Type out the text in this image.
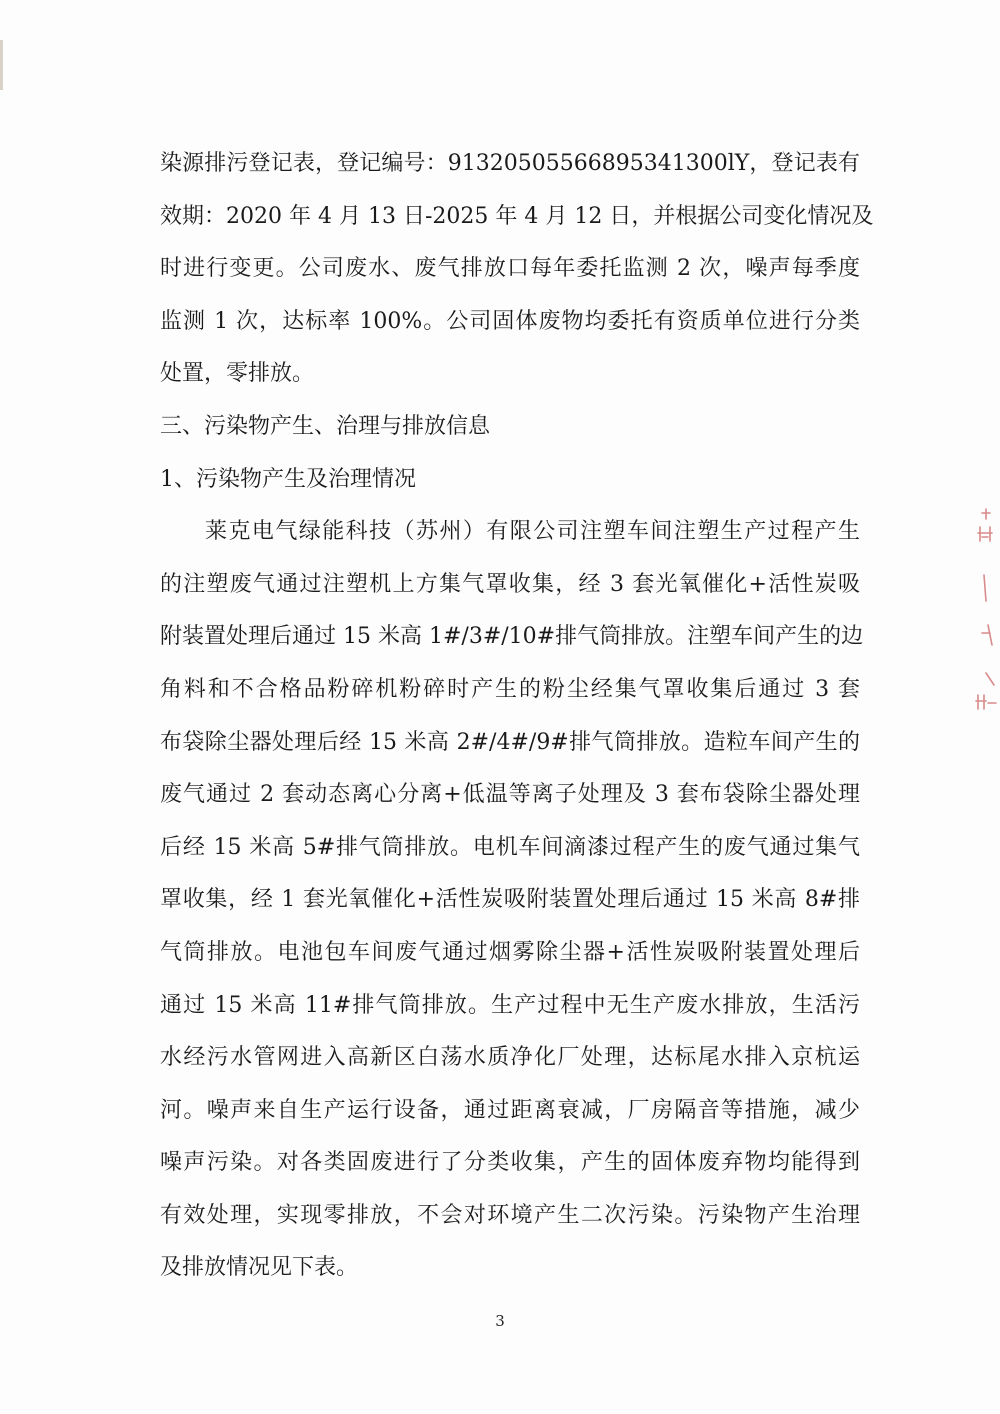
染源排污登记表，登记编号：91320505566895341300lY，登记表有
效期：2020 年 4 月 13 日-2025 年 4 月 12 日，并根据公司变化情况及
时进行变更。公司废水、废气排放口每年委托监测 2 次，噪声每季度
监测 1 次，达标率 100%。公司固体废物均委托有资质单位进行分类
处置，零排放。
三、污染物产生、治理与排放信息
1、污染物产生及治理情况
莱克电气绿能科技（苏州）有限公司注塑车间注塑生产过程产生
的注塑废气通过注塑机上方集气罩收集，经 3 套光氧催化+活性炭吸
附装置处理后通过 15 米高 1#/3#/10#排气筒排放。注塑车间产生的边
角料和不合格品粉碎机粉碎时产生的粉尘经集气罩收集后通过 3 套
布袋除尘器处理后经 15 米高 2#/4#/9#排气筒排放。造粒车间产生的
废气通过 2 套动态离心分离+低温等离子处理及 3 套布袋除尘器处理
后经 15 米高 5#排气筒排放。电机车间滴漆过程产生的废气通过集气
罩收集，经 1 套光氧催化+活性炭吸附装置处理后通过 15 米高 8#排
气筒排放。电池包车间废气通过烟雾除尘器+活性炭吸附装置处理后
通过 15 米高 11#排气筒排放。生产过程中无生产废水排放，生活污
水经污水管网进入高新区白荡水质净化厂处理，达标尾水排入京杭运
河。噪声来自生产运行设备，通过距离衰减，厂房隔音等措施，减少
噪声污染。对各类固废进行了分类收集，产生的固体废弃物均能得到
有效处理，实现零排放，不会对环境产生二次污染。污染物产生治理
及排放情况见下表。
3
